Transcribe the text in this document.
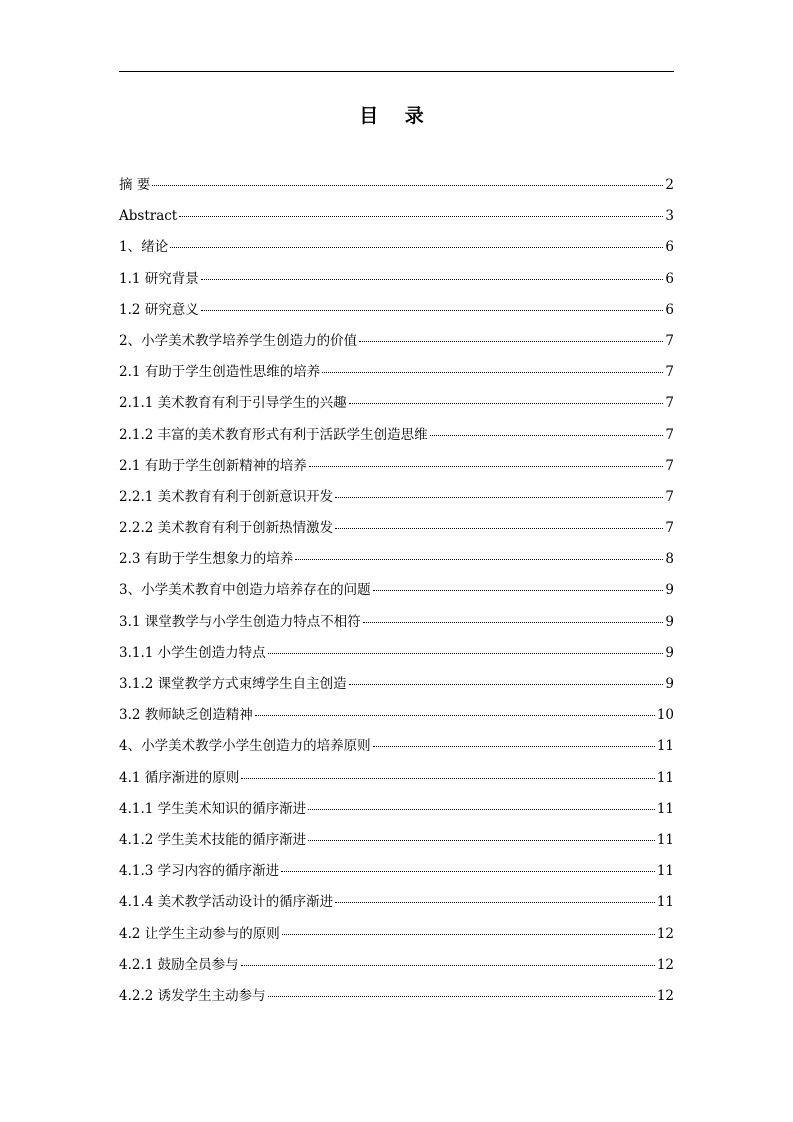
目 录
摘 要	2
Abstract	3
1、绪论	6
1.1 研究背景	6
1.2 研究意义	6
2、小学美术教学培养学生创造力的价值	7
2.1 有助于学生创造性思维的培养	7
2.1.1 美术教育有利于引导学生的兴趣	7
2.1.2 丰富的美术教育形式有利于活跃学生创造思维	7
2.1 有助于学生创新精神的培养	7
2.2.1 美术教育有利于创新意识开发	7
2.2.2 美术教育有利于创新热情激发	7
2.3 有助于学生想象力的培养	8
3、小学美术教育中创造力培养存在的问题	9
3.1 课堂教学与小学生创造力特点不相符	9
3.1.1 小学生创造力特点	9
3.1.2 课堂教学方式束缚学生自主创造	9
3.2 教师缺乏创造精神	10
4、小学美术教学小学生创造力的培养原则	11
4.1 循序渐进的原则	11
4.1.1 学生美术知识的循序渐进	11
4.1.2 学生美术技能的循序渐进	11
4.1.3 学习内容的循序渐进	11
4.1.4 美术教学活动设计的循序渐进	11
4.2 让学生主动参与的原则	12
4.2.1 鼓励全员参与	12
4.2.2 诱发学生主动参与	12
